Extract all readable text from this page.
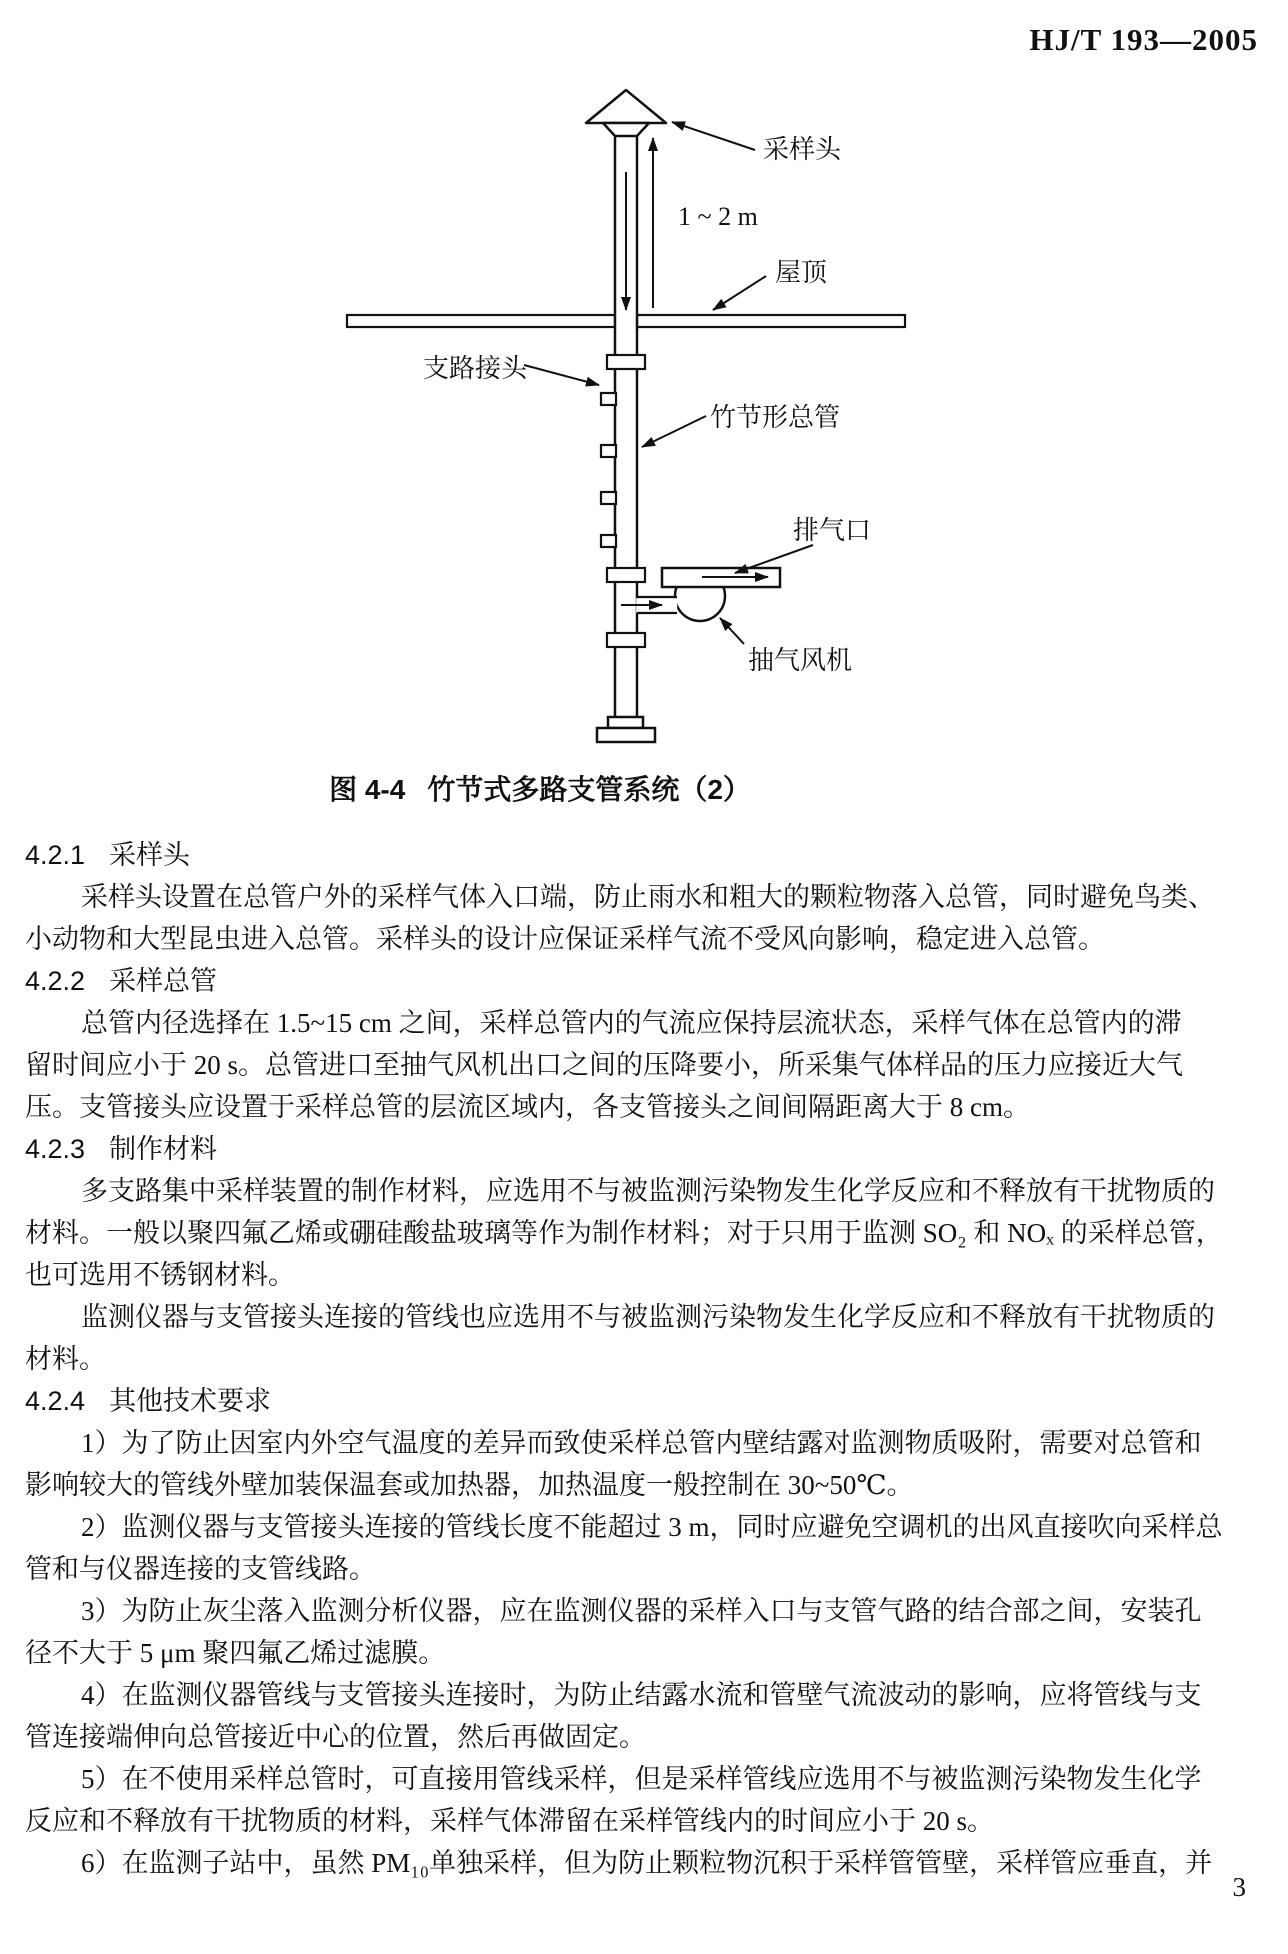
HJ/T 193—2005
1 ~ 2 m
采样头
屋顶
支路接头
竹节形总管
排气口
抽气风机
图 4-4 竹节式多路支管系统（2）
4.2.1 采样头
采样头设置在总管户外的采样气体入口端，防止雨水和粗大的颗粒物落入总管，同时避免鸟类、
小动物和大型昆虫进入总管。采样头的设计应保证采样气流不受风向影响，稳定进入总管。
4.2.2 采样总管
总管内径选择在 1.5~15 cm 之间，采样总管内的气流应保持层流状态，采样气体在总管内的滞
留时间应小于 20 s。总管进口至抽气风机出口之间的压降要小，所采集气体样品的压力应接近大气
压。支管接头应设置于采样总管的层流区域内，各支管接头之间间隔距离大于 8 cm。
4.2.3 制作材料
多支路集中采样装置的制作材料，应选用不与被监测污染物发生化学反应和不释放有干扰物质的
材料。一般以聚四氟乙烯或硼硅酸盐玻璃等作为制作材料；对于只用于监测 SO₂ 和 NOₓ 的采样总管，
也可选用不锈钢材料。
监测仪器与支管接头连接的管线也应选用不与被监测污染物发生化学反应和不释放有干扰物质的
材料。
4.2.4 其他技术要求
1）为了防止因室内外空气温度的差异而致使采样总管内壁结露对监测物质吸附，需要对总管和
影响较大的管线外壁加装保温套或加热器，加热温度一般控制在 30~50℃。
2）监测仪器与支管接头连接的管线长度不能超过 3 m，同时应避免空调机的出风直接吹向采样总
管和与仪器连接的支管线路。
3）为防止灰尘落入监测分析仪器，应在监测仪器的采样入口与支管气路的结合部之间，安装孔
径不大于 5 μm 聚四氟乙烯过滤膜。
4）在监测仪器管线与支管接头连接时，为防止结露水流和管壁气流波动的影响，应将管线与支
管连接端伸向总管接近中心的位置，然后再做固定。
5）在不使用采样总管时，可直接用管线采样，但是采样管线应选用不与被监测污染物发生化学
反应和不释放有干扰物质的材料，采样气体滞留在采样管线内的时间应小于 20 s。
6）在监测子站中，虽然 PM₁₀单独采样，但为防止颗粒物沉积于采样管管壁，采样管应垂直，并
3
